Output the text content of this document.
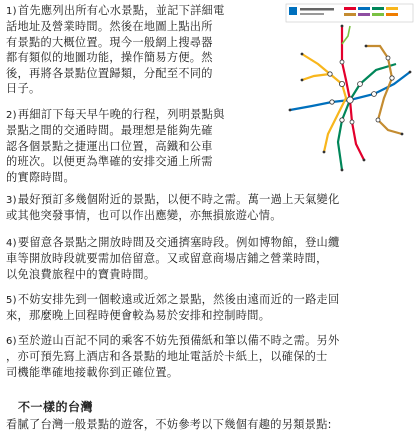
1)首先應列出所有心水景點，並記下詳細電
話地址及營業時間。然後在地圖上點出所
有景點的大概位置。現今一般網上搜尋器
都有類似的地圖功能，操作簡易方便。然
後，再將各景點位置歸類，分配至不同的
日子。
2)再細訂下每天早午晚的行程，列明景點與
景點之間的交通時間。最理想是能夠先確
認各個景點之捷運出口位置，高鐵和公車
的班次。以便更為準確的安排交通上所需
的實際時間。
3)最好預訂多幾個附近的景點，以便不時之需。萬一過上天氣變化
或其他突發事情，也可以作出應變，亦無損旅遊心情。
4)要留意各景點之開放時間及交通擠塞時段。例如博物館，登山纜
車等開放時段就要需加倍留意。又或留意商場店鋪之營業時間，
以免浪費旅程中的寶貴時間。
5)不妨安排先到一個較遠或近郊之景點，然後由遠而近的一路走回
來，那麼晚上回程時便會較為易於安排和控制時間。
6)至於遊山百記不同的乘客不妨先預備紙和筆以備不時之需。另外
，亦可預先寫上酒店和各景點的地址電話於卡紙上，以確保的士
司機能準確地接載你到正確位置。
不一樣的台灣
看膩了台灣一般景點的遊客，不妨參考以下幾個有趣的另類景點:
